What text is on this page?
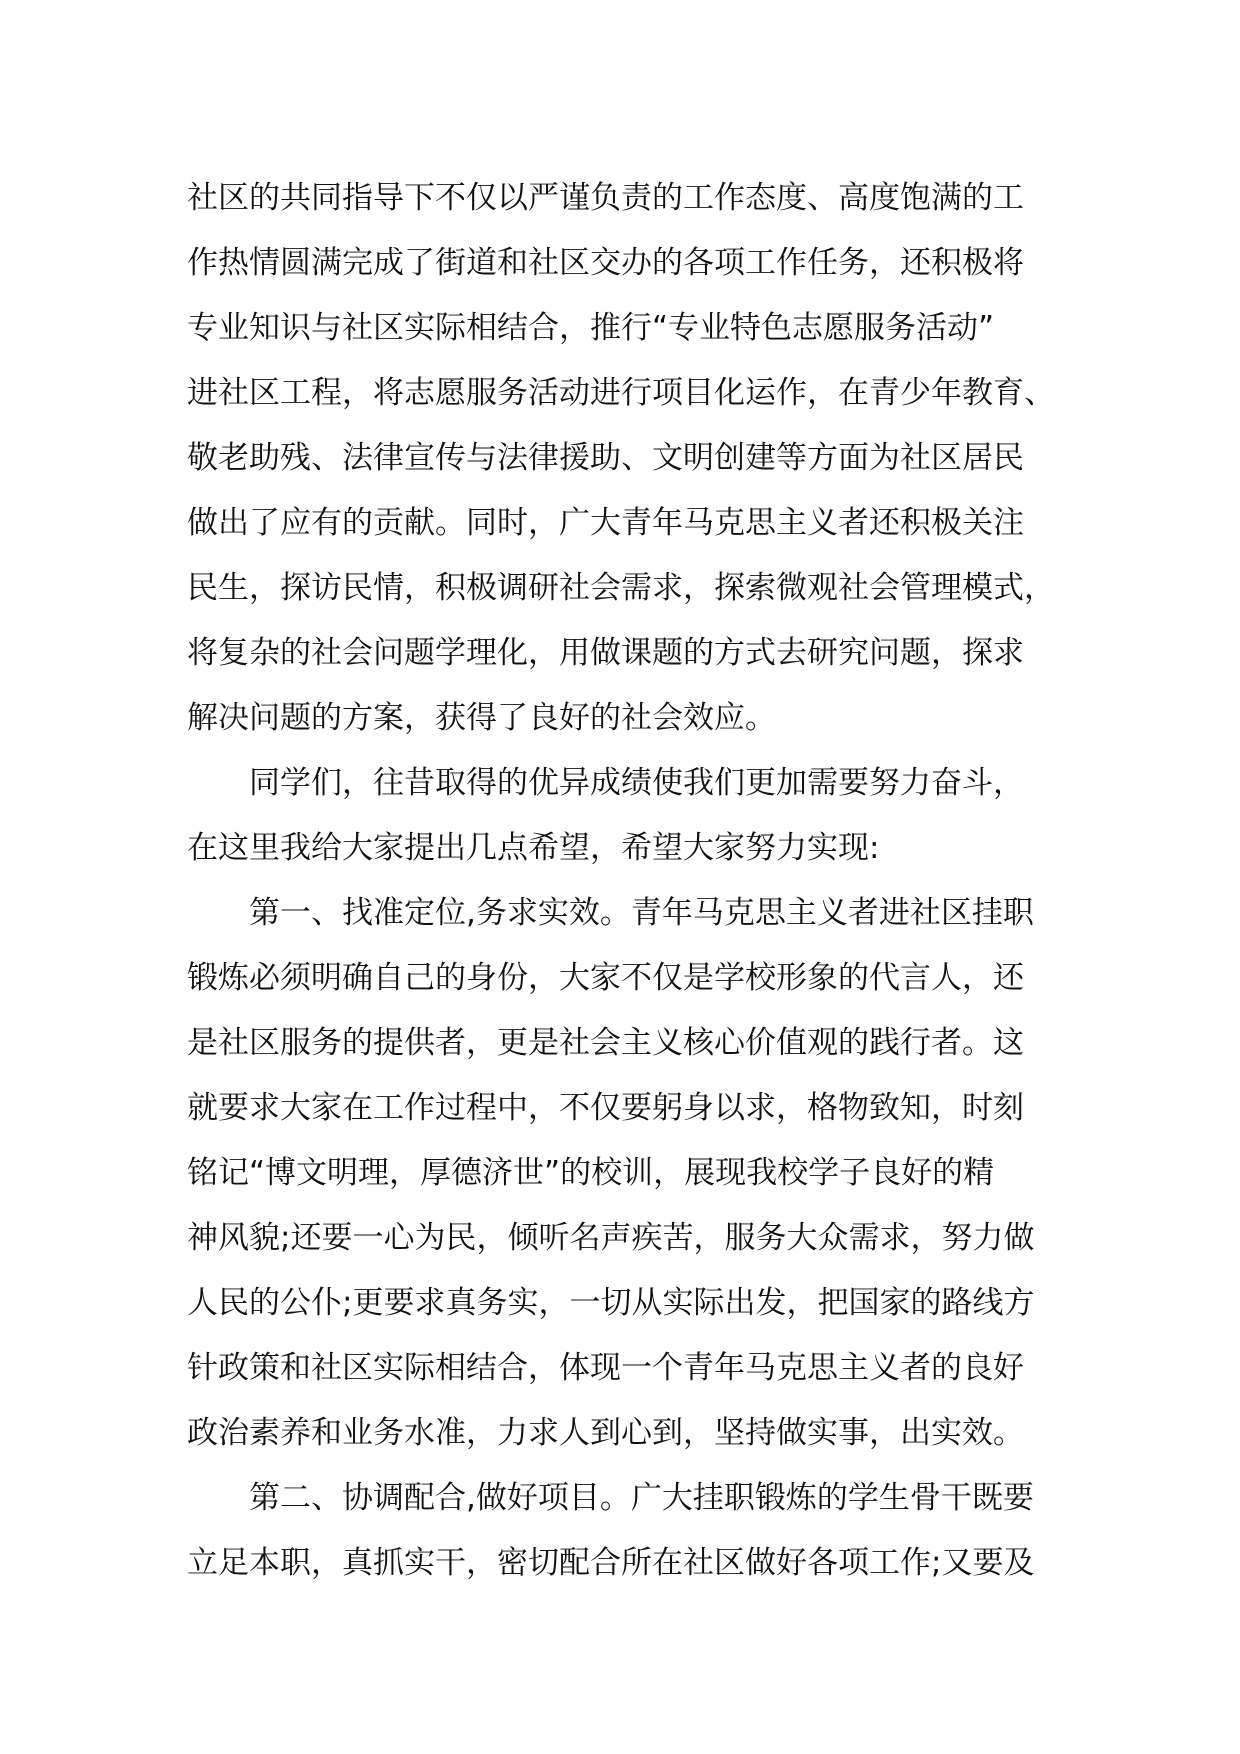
社区的共同指导下不仅以严谨负责的工作态度、高度饱满的工
作热情圆满完成了街道和社区交办的各项工作任务，还积极将
专业知识与社区实际相结合，推行“专业特色志愿服务活动”
进社区工程，将志愿服务活动进行项目化运作，在青少年教育、
敬老助残、法律宣传与法律援助、文明创建等方面为社区居民
做出了应有的贡献。同时，广大青年马克思主义者还积极关注
民生，探访民情，积极调研社会需求，探索微观社会管理模式，
将复杂的社会问题学理化，用做课题的方式去研究问题，探求
解决问题的方案，获得了良好的社会效应。

　　同学们，往昔取得的优异成绩使我们更加需要努力奋斗，
在这里我给大家提出几点希望，希望大家努力实现:

　　第一、找准定位,务求实效。青年马克思主义者进社区挂职
锻炼必须明确自己的身份，大家不仅是学校形象的代言人，还
是社区服务的提供者，更是社会主义核心价值观的践行者。这
就要求大家在工作过程中，不仅要躬身以求，格物致知，时刻
铭记“博文明理，厚德济世”的校训，展现我校学子良好的精
神风貌;还要一心为民，倾听名声疾苦，服务大众需求，努力做
人民的公仆;更要求真务实，一切从实际出发，把国家的路线方
针政策和社区实际相结合，体现一个青年马克思主义者的良好
政治素养和业务水准，力求人到心到，坚持做实事，出实效。

　　第二、协调配合,做好项目。广大挂职锻炼的学生骨干既要
立足本职，真抓实干，密切配合所在社区做好各项工作;又要及
